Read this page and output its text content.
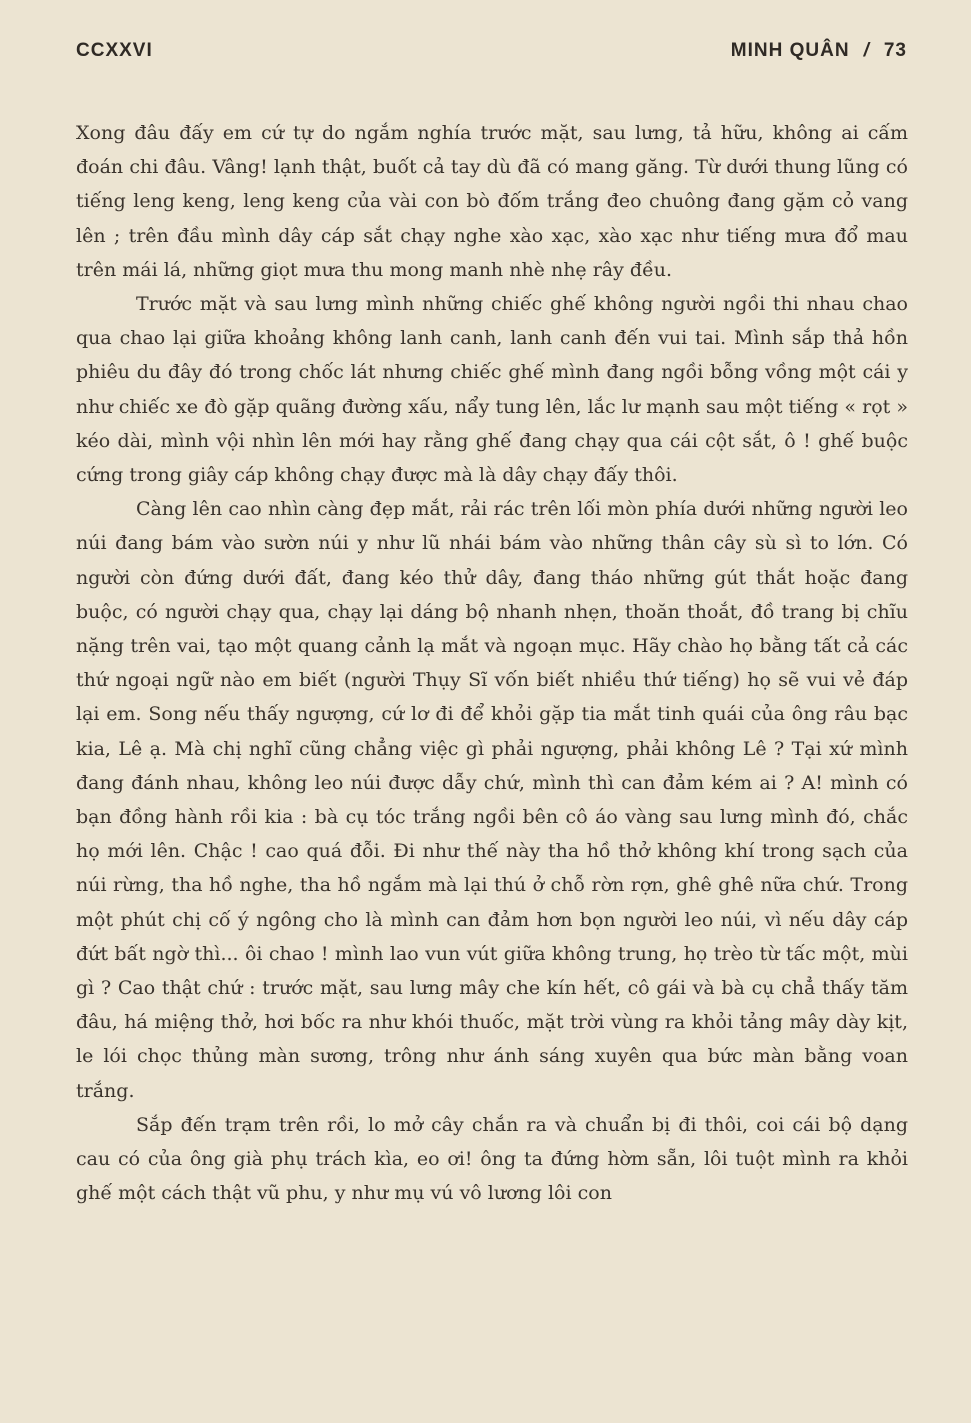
CCXXVI	MINH QUÂN / 73

Xong đâu đấy em cứ tự do ngắm nghía trước mặt, sau lưng, tả hữu, không ai cấm đoán chi đâu. Vâng! lạnh thật, buốt cả tay dù đã có mang găng. Từ dưới thung lũng có tiếng leng keng, leng keng của vài con bò đốm trắng đeo chuông đang gặm cỏ vang lên ; trên đầu mình dây cáp sắt chạy nghe xào xạc, xào xạc như tiếng mưa đổ mau trên mái lá, những giọt mưa thu mong manh nhè nhẹ rây đều.

Trước mặt và sau lưng mình những chiếc ghế không người ngồi thi nhau chao qua chao lại giữa khoảng không lanh canh, lanh canh đến vui tai. Mình sắp thả hồn phiêu du đây đó trong chốc lát nhưng chiếc ghế mình đang ngồi bỗng vồng một cái y như chiếc xe đò gặp quãng đường xấu, nẩy tung lên, lắc lư mạnh sau một tiếng « rọt » kéo dài, mình vội nhìn lên mới hay rằng ghế đang chạy qua cái cột sắt, ô ! ghế buộc cứng trong giây cáp không chạy được mà là dây chạy đấy thôi.

Càng lên cao nhìn càng đẹp mắt, rải rác trên lối mòn phía dưới những người leo núi đang bám vào sườn núi y như lũ nhái bám vào những thân cây sù sì to lớn. Có người còn đứng dưới đất, đang kéo thử dây, đang tháo những gút thắt hoặc đang buộc, có người chạy qua, chạy lại dáng bộ nhanh nhẹn, thoăn thoắt, đồ trang bị chĩu nặng trên vai, tạo một quang cảnh lạ mắt và ngoạn mục. Hãy chào họ bằng tất cả các thứ ngoại ngữ nào em biết (người Thụy Sĩ vốn biết nhiều thứ tiếng) họ sẽ vui vẻ đáp lại em. Song nếu thấy ngượng, cứ lơ đi để khỏi gặp tia mắt tinh quái của ông râu bạc kia, Lê ạ. Mà chị nghĩ cũng chẳng việc gì phải ngượng, phải không Lê ? Tại xứ mình đang đánh nhau, không leo núi được dẫy chứ, mình thì can đảm kém ai ? A! mình có bạn đồng hành rồi kia : bà cụ tóc trắng ngồi bên cô áo vàng sau lưng mình đó, chắc họ mới lên. Chậc ! cao quá đỗi. Đi như thế này tha hồ thở không khí trong sạch của núi rừng, tha hồ nghe, tha hồ ngắm mà lại thú ở chỗ rờn rợn, ghê ghê nữa chứ. Trong một phút chị cố ý ngông cho là mình can đảm hơn bọn người leo núi, vì nếu dây cáp đứt bất ngờ thì... ôi chao ! mình lao vun vút giữa không trung, họ trèo từ tấc một, mùi gì ? Cao thật chứ : trước mặt, sau lưng mây che kín hết, cô gái và bà cụ chẳ thấy tăm đâu, há miệng thở, hơi bốc ra như khói thuốc, mặt trời vùng ra khỏi tảng mây dày kịt, le lói chọc thủng màn sương, trông như ánh sáng xuyên qua bức màn bằng voan trắng.

Sắp đến trạm trên rồi, lo mở cây chắn ra và chuẩn bị đi thôi, coi cái bộ dạng cau có của ông già phụ trách kìa, eo ơi! ông ta đứng hờm sẵn, lôi tuột mình ra khỏi ghế một cách thật vũ phu, y như mụ vú vô lương lôi con
